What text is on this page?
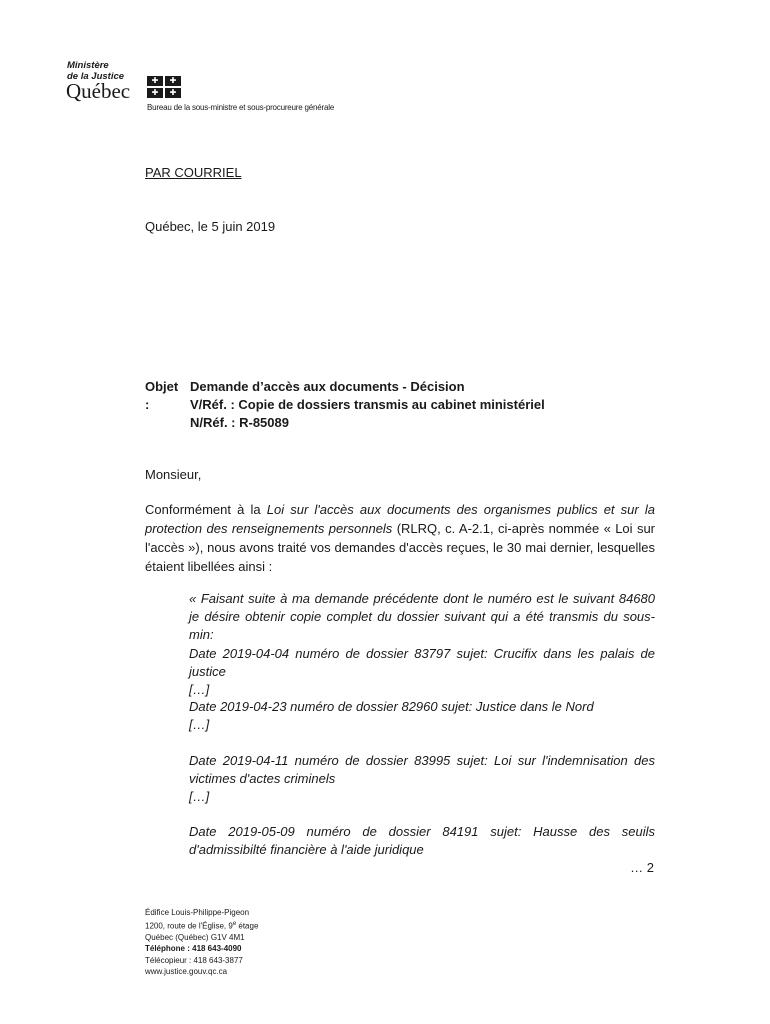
Ministère
de la Justice
Québec	✚	✚
✚	✚
Bureau de la sous-ministre et sous-procureure générale
PAR COURRIEL
Québec, le 5 juin 2019
Objet :
Demande d’accès aux documents - Décision
V/Réf. : Copie de dossiers transmis au cabinet ministériel
N/Réf. : R-85089
Monsieur,
Conformément à la Loi sur l'accès aux documents des organismes publics et sur la protection des renseignements personnels (RLRQ, c. A-2.1, ci-après nommée « Loi sur l'accès »), nous avons traité vos demandes d'accès reçues, le 30 mai dernier, lesquelles étaient libellées ainsi :
« Faisant suite à ma demande précédente dont le numéro est le suivant 84680 je désire obtenir copie complet du dossier suivant qui a été transmis du sous-min:
Date 2019-04-04 numéro de dossier 83797 sujet: Crucifix dans les palais de justice
[…]
Date 2019-04-23 numéro de dossier 82960 sujet: Justice dans le Nord
[…]
Date 2019-04-11 numéro de dossier 83995 sujet: Loi sur l'indemnisation des victimes d'actes criminels
[…]
Date 2019-05-09 numéro de dossier 84191 sujet: Hausse des seuils d'admissibilté financière à l'aide juridique
… 2
Édifice Louis-Philippe-Pigeon
1200, route de l'Église, 9e étage
Québec (Québec) G1V 4M1
Téléphone : 418 643-4090
Télécopieur : 418 643-3877
www.justice.gouv.qc.ca
